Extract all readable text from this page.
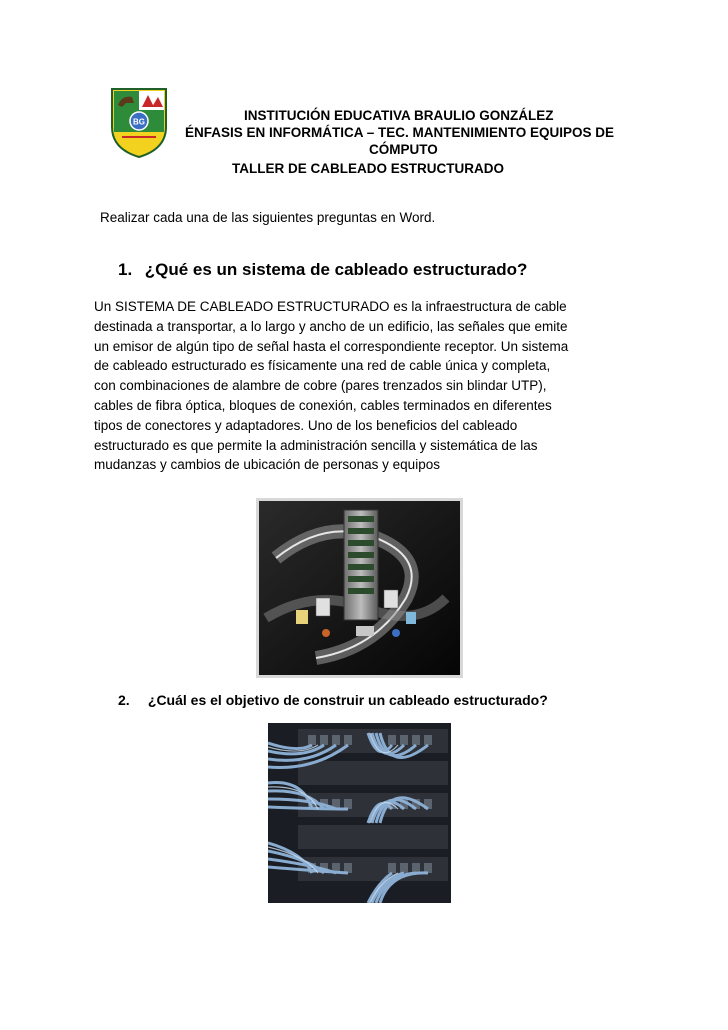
BG	INSTITUCIÓN EDUCATIVA BRAULIO GONZÁLEZ
ÉNFASIS EN INFORMÁTICA – TEC. MANTENIMIENTO EQUIPOS DE
CÓMPUTO
TALLER DE CABLEADO ESTRUCTURADO
Realizar cada una de las siguientes preguntas en Word.
1. ¿Qué es un sistema de cableado estructurado?
Un SISTEMA DE CABLEADO ESTRUCTURADO es la infraestructura de cable
destinada a transportar, a lo largo y ancho de un edificio, las señales que emite
un emisor de algún tipo de señal hasta el correspondiente receptor. Un sistema
de cableado estructurado es físicamente una red de cable única y completa,
con combinaciones de alambre de cobre (pares trenzados sin blindar UTP),
cables de fibra óptica, bloques de conexión, cables terminados en diferentes
tipos de conectores y adaptadores. Uno de los beneficios del cableado
estructurado es que permite la administración sencilla y sistemática de las
mudanzas y cambios de ubicación de personas y equipos
2. ¿Cuál es el objetivo de construir un cableado estructurado?
